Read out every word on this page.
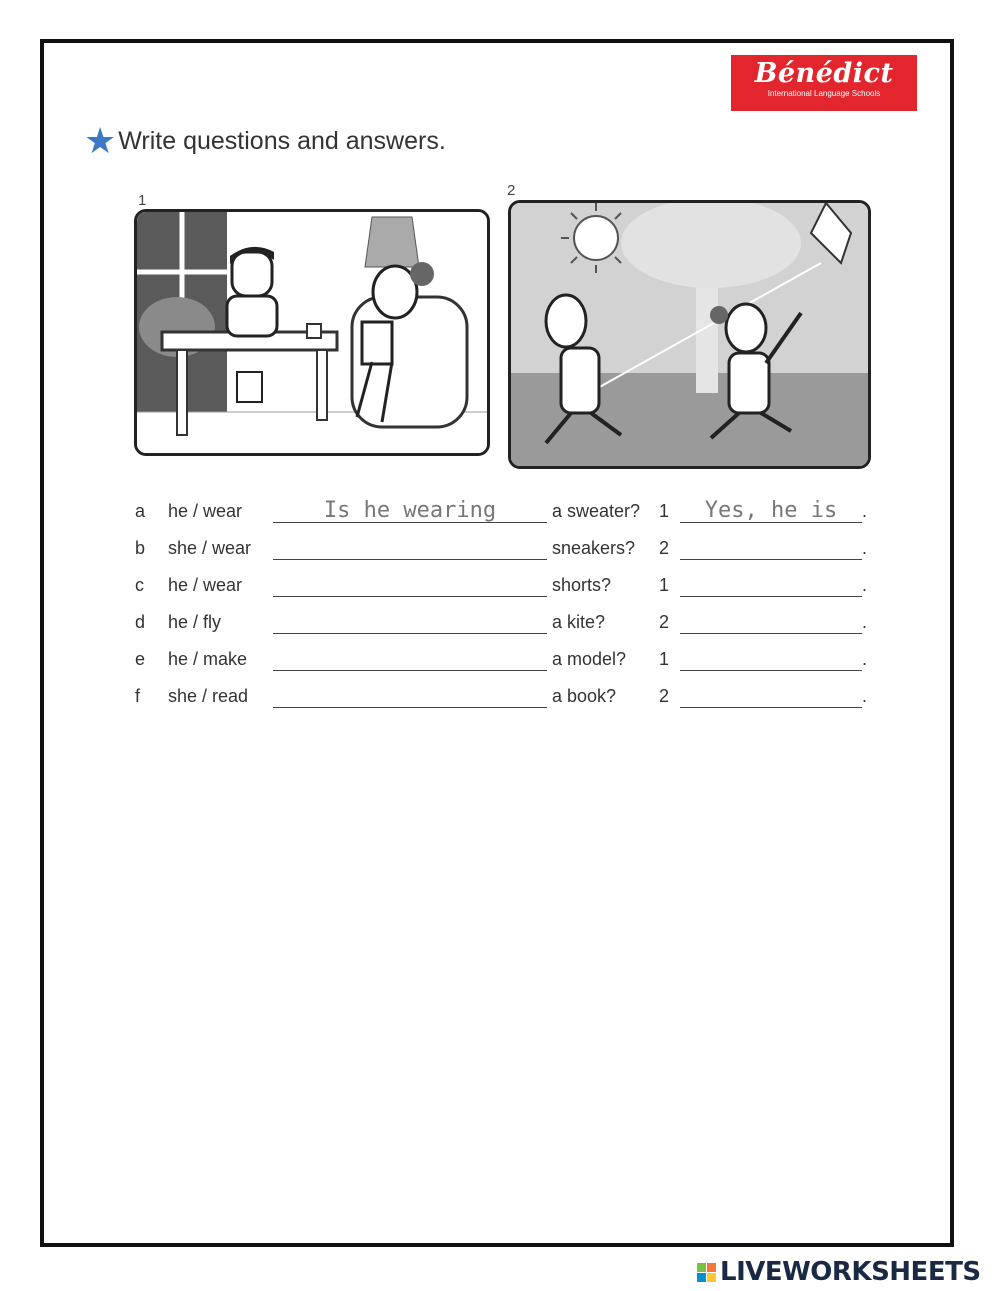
Bénédict
International Language Schools
★ Write questions and answers.
1
2
a he / wear	Is he wearing	a sweater? 1	Yes, he is	.
b she / wear	sneakers? 2	.
c he / wear	shorts?	1	.
d he / fly	a kite?	2	.
e he / make	a model? 1	.
f she / read	a book? 2	.
LIVEWORKSHEETS
